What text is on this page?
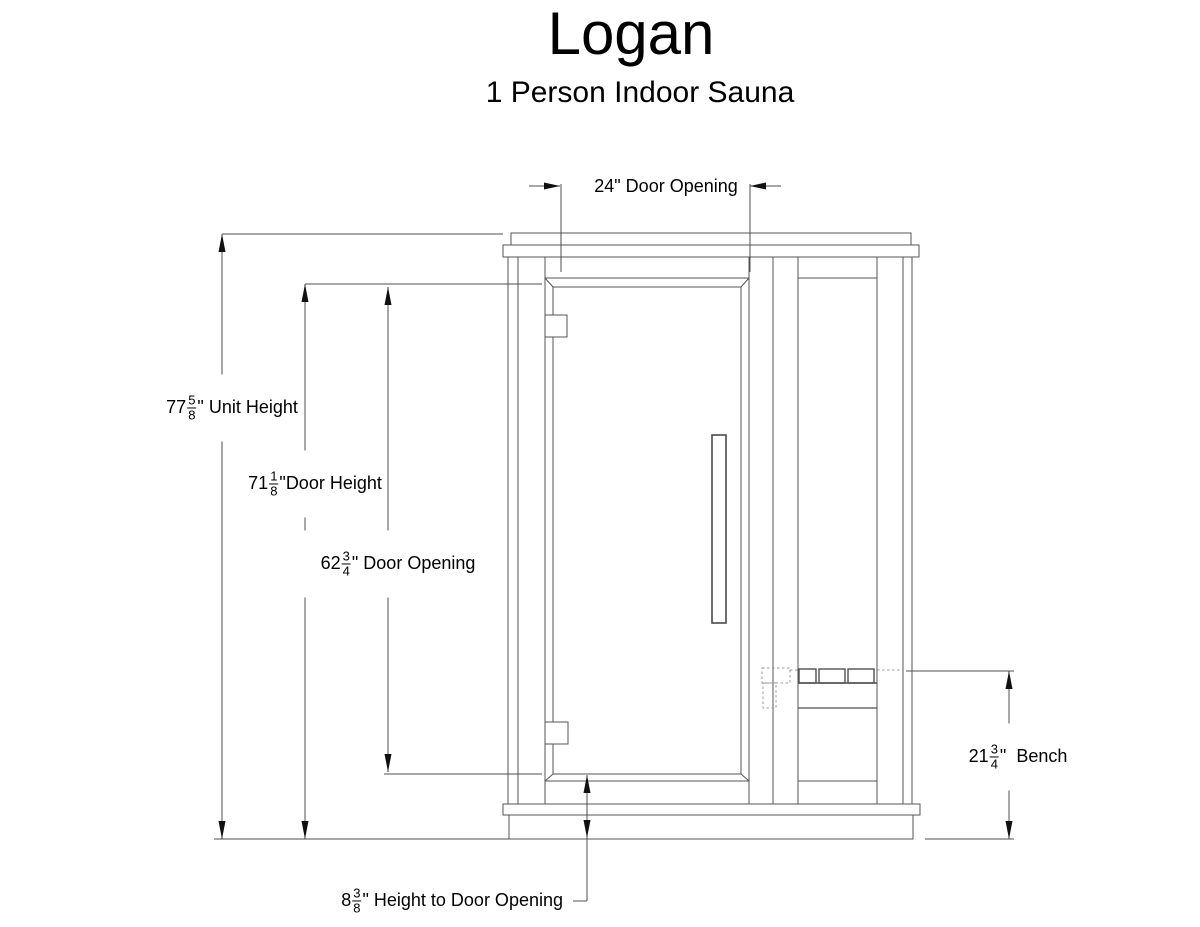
Logan
1 Person Indoor Sauna

24" Door Opening

$77 \frac{5}{8}$ " Unit Height

$71 \frac{1}{8}$ "Door Height

$62 \frac{3}{4}$ " Door Opening

$21 \frac{3}{4}$ "  Bench

$8 \frac{3}{8}$ " Height to Door Opening
